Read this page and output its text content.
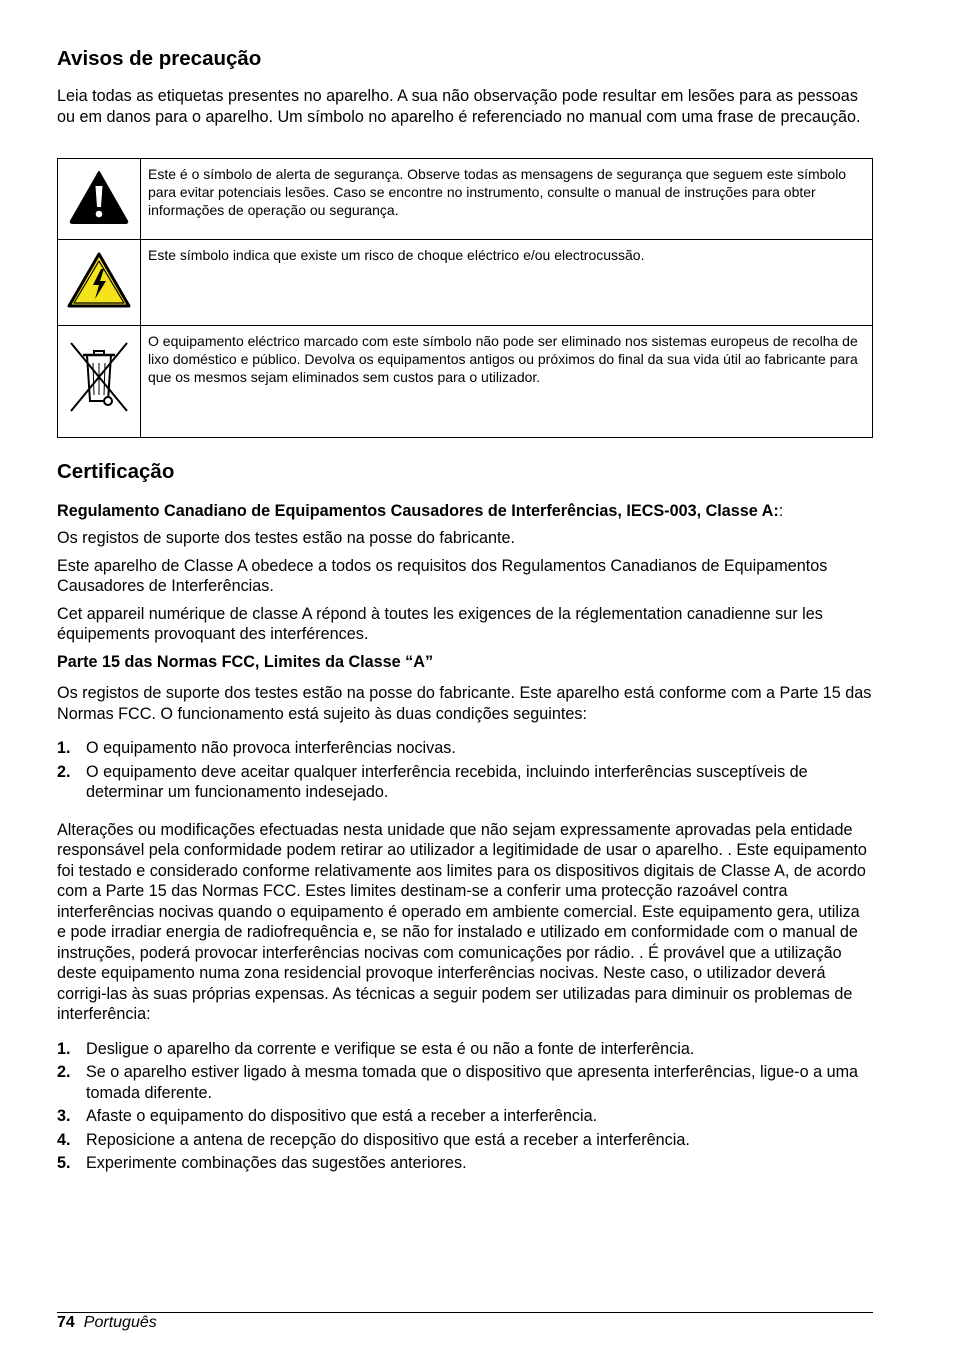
Avisos de precaução

Leia todas as etiquetas presentes no aparelho. A sua não observação pode resultar em lesões para as pessoas ou em danos para o aparelho. Um símbolo no aparelho é referenciado no manual com uma frase de precaução.

	Este é o símbolo de alerta de segurança. Observe todas as mensagens de segurança que seguem este símbolo para evitar potenciais lesões. Caso se encontre no instrumento, consulte o manual de instruções para obter informações de operação ou segurança.
	Este símbolo indica que existe um risco de choque eléctrico e/ou electrocussão.
	O equipamento eléctrico marcado com este símbolo não pode ser eliminado nos sistemas europeus de recolha de lixo doméstico e público. Devolva os equipamentos antigos ou próximos do final da sua vida útil ao fabricante para que os mesmos sejam eliminados sem custos para o utilizador.
Certificação

Regulamento Canadiano de Equipamentos Causadores de Interferências, IECS-003, Classe A::

Os registos de suporte dos testes estão na posse do fabricante.

Este aparelho de Classe A obedece a todos os requisitos dos Regulamentos Canadianos de Equipamentos Causadores de Interferências.

Cet appareil numérique de classe A répond à toutes les exigences de la réglementation canadienne sur les équipements provoquant des interférences.

Parte 15 das Normas FCC, Limites da Classe “A”

Os registos de suporte dos testes estão na posse do fabricante. Este aparelho está conforme com a Parte 15 das Normas FCC. O funcionamento está sujeito às duas condições seguintes:

1. O equipamento não provoca interferências nocivas.
2. O equipamento deve aceitar qualquer interferência recebida, incluindo interferências susceptíveis de determinar um funcionamento indesejado.

Alterações ou modificações efectuadas nesta unidade que não sejam expressamente aprovadas pela entidade responsável pela conformidade podem retirar ao utilizador a legitimidade de usar o aparelho. . Este equipamento foi testado e considerado conforme relativamente aos limites para os dispositivos digitais de Classe A, de acordo com a Parte 15 das Normas FCC. Estes limites destinam-se a conferir uma protecção razoável contra interferências nocivas quando o equipamento é operado em ambiente comercial. Este equipamento gera, utiliza e pode irradiar energia de radiofrequência e, se não for instalado e utilizado em conformidade com o manual de instruções, poderá provocar interferências nocivas com comunicações por rádio. . É provável que a utilização deste equipamento numa zona residencial provoque interferências nocivas. Neste caso, o utilizador deverá corrigi-las às suas próprias expensas. As técnicas a seguir podem ser utilizadas para diminuir os problemas de interferência:

1. Desligue o aparelho da corrente e verifique se esta é ou não a fonte de interferência.
2. Se o aparelho estiver ligado à mesma tomada que o dispositivo que apresenta interferências, ligue-o a uma tomada diferente.
3. Afaste o equipamento do dispositivo que está a receber a interferência.
4. Reposicione a antena de recepção do dispositivo que está a receber a interferência.
5. Experimente combinações das sugestões anteriores.
74 Português
